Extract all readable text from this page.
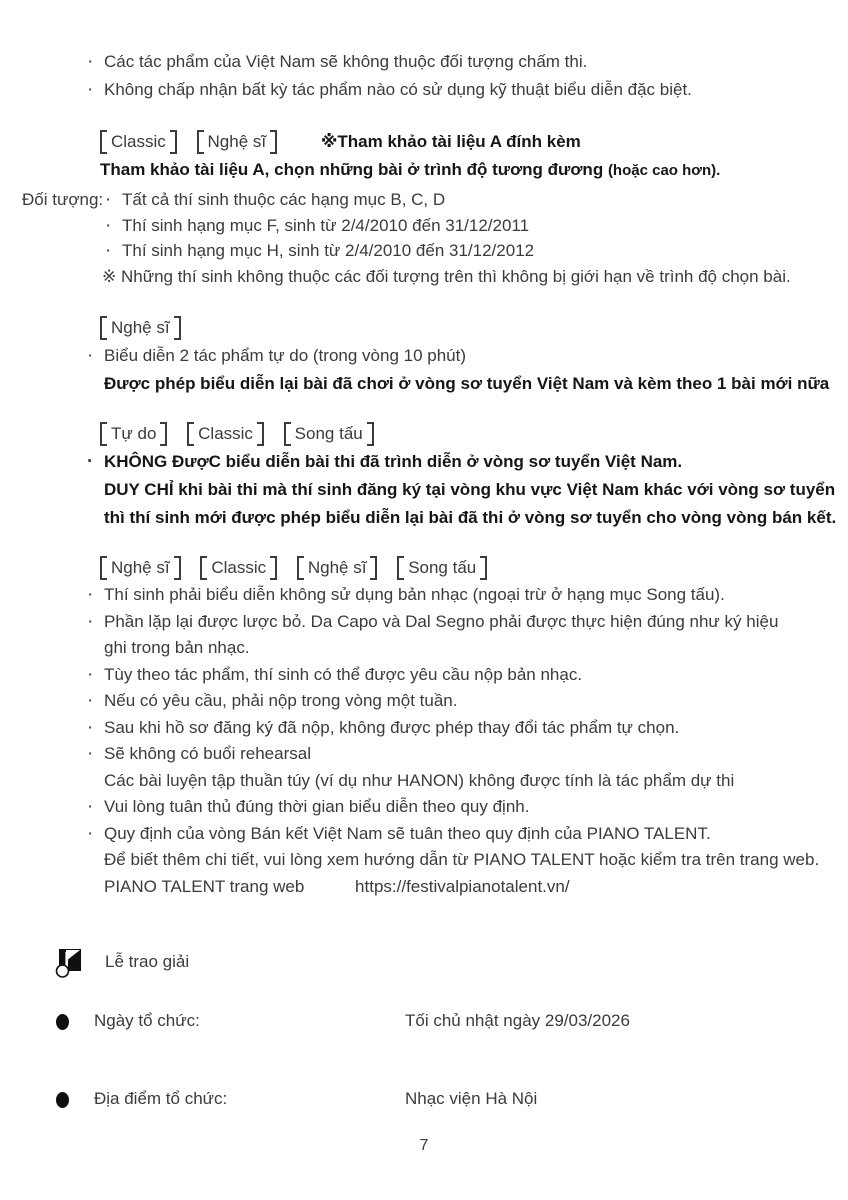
· Các tác phẩm của Việt Nam sẽ không thuộc đối tượng chấm thi.
· Không chấp nhận bất kỳ tác phẩm nào có sử dụng kỹ thuật biểu diễn đặc biệt.
Classic Nghệ sĩ	※Tham khảo tài liệu A đính kèm
Tham khảo tài liệu A, chọn những bài ở trình độ tương đương (hoặc cao hơn).
· Đối tượng: Tất cả thí sinh thuộc các hạng mục B, C, D
· Thí sinh hạng mục F, sinh từ 2/4/2010 đến 31/12/2011
· Thí sinh hạng mục H, sinh từ 2/4/2010 đến 31/12/2012
※ Những thí sinh không thuộc các đối tượng trên thì không bị giới hạn về trình độ chọn bài.
Nghệ sĩ
· Biểu diễn 2 tác phẩm tự do (trong vòng 10 phút)
Được phép biểu diễn lại bài đã chơi ở vòng sơ tuyển Việt Nam và kèm theo 1 bài mới nữa
Tự do Classic Song tấu
· KHÔNG ĐượC biểu diễn bài thi đã trình diễn ở vòng sơ tuyển Việt Nam.
DUY CHỈ khi bài thi mà thí sinh đăng ký tại vòng khu vực Việt Nam khác với vòng sơ tuyển
thì thí sinh mới được phép biểu diễn lại bài đã thi ở vòng sơ tuyển cho vòng vòng bán kết.
Nghệ sĩ Classic Nghệ sĩ Song tấu
· Thí sinh phải biểu diễn không sử dụng bản nhạc (ngoại trừ ở hạng mục Song tấu).
· Phần lặp lại được lược bỏ. Da Capo và Dal Segno phải được thực hiện đúng như ký hiệu
ghi trong bản nhạc.
· Tùy theo tác phẩm, thí sinh có thể được yêu cầu nộp bản nhạc.
· Nếu có yêu cầu, phải nộp trong vòng một tuần.
· Sau khi hồ sơ đăng ký đã nộp, không được phép thay đổi tác phẩm tự chọn.
· Sẽ không có buổi rehearsal
Các bài luyện tập thuần túy (ví dụ như HANON) không được tính là tác phẩm dự thi
· Vui lòng tuân thủ đúng thời gian biểu diễn theo quy định.
· Quy định của vòng Bán kết Việt Nam sẽ tuân theo quy định của PIANO TALENT.
Để biết thêm chi tiết, vui lòng xem hướng dẫn từ PIANO TALENT hoặc kiểm tra trên trang web.
PIANO TALENT trang web	https://festivalpianotalent.vn/
Lễ trao giải
Ngày tổ chức:	Tối chủ nhật ngày 29/03/2026
Địa điểm tổ chức:	Nhạc viện Hà Nội
7
